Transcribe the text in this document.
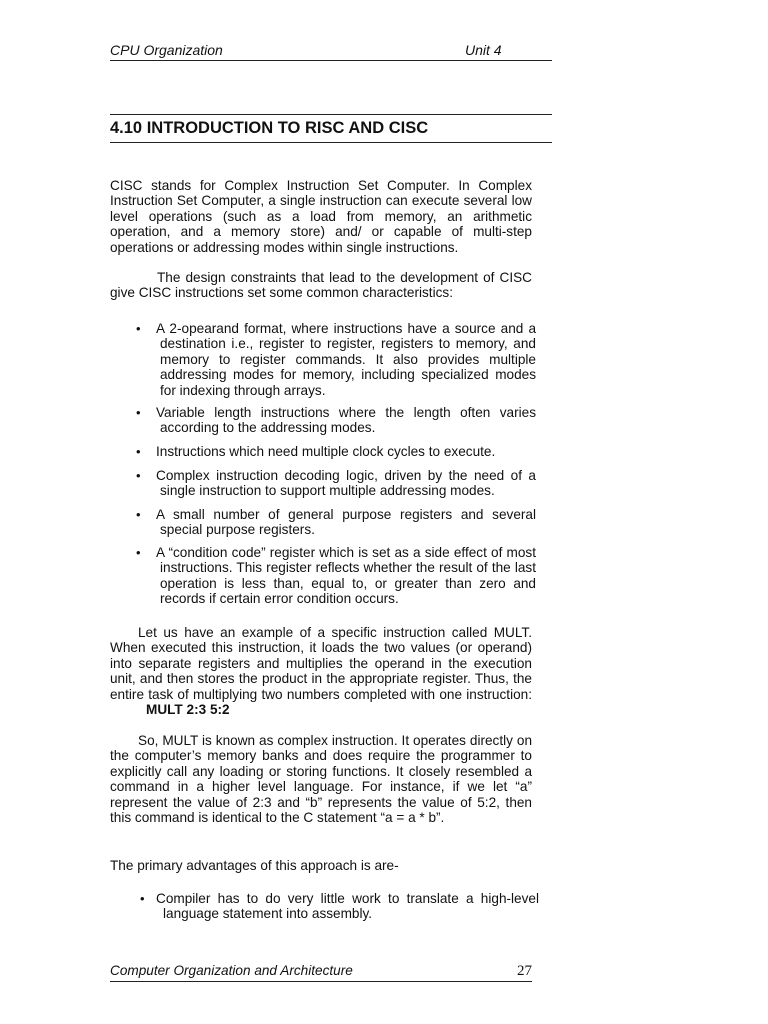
CPU Organization	Unit 4
4.10 INTRODUCTION TO RISC AND CISC
CISC stands for Complex Instruction Set Computer. In Complex Instruction Set Computer, a single instruction can execute several low level operations (such as a load from memory, an arithmetic operation, and a memory store) and/ or capable of multi-step operations or addressing modes within single instructions.
The design constraints that lead to the development of CISC give CISC instructions set some common characteristics:
• A 2-opearand format, where instructions have a source and a destination i.e., register to register, registers to memory, and memory to register commands. It also provides multiple addressing modes for memory, including specialized modes for indexing through arrays.
• Variable length instructions where the length often varies according to the addressing modes.
• Instructions which need multiple clock cycles to execute.
• Complex instruction decoding logic, driven by the need of a single instruction to support multiple addressing modes.
• A small number of general purpose registers and several special purpose registers.
• A “condition code” register which is set as a side effect of most instructions. This register reflects whether the result of the last operation is less than, equal to, or greater than zero and records if certain error condition occurs.
Let us have an example of a specific instruction called MULT. When executed this instruction, it loads the two values (or operand) into separate registers and multiplies the operand in the execution unit, and then stores the product in the appropriate register. Thus, the entire task of multiplying two numbers completed with one instruction: MULT 2:3 5:2
So, MULT is known as complex instruction. It operates directly on the computer’s memory banks and does require the programmer to explicitly call any loading or storing functions. It closely resembled a command in a higher level language. For instance, if we let “a” represent the value of 2:3 and “b” represents the value of 5:2, then this command is identical to the C statement “a = a * b”.
The primary advantages of this approach is are-
• Compiler has to do very little work to translate a high-level language statement into assembly.
Computer Organization and Architecture	27
